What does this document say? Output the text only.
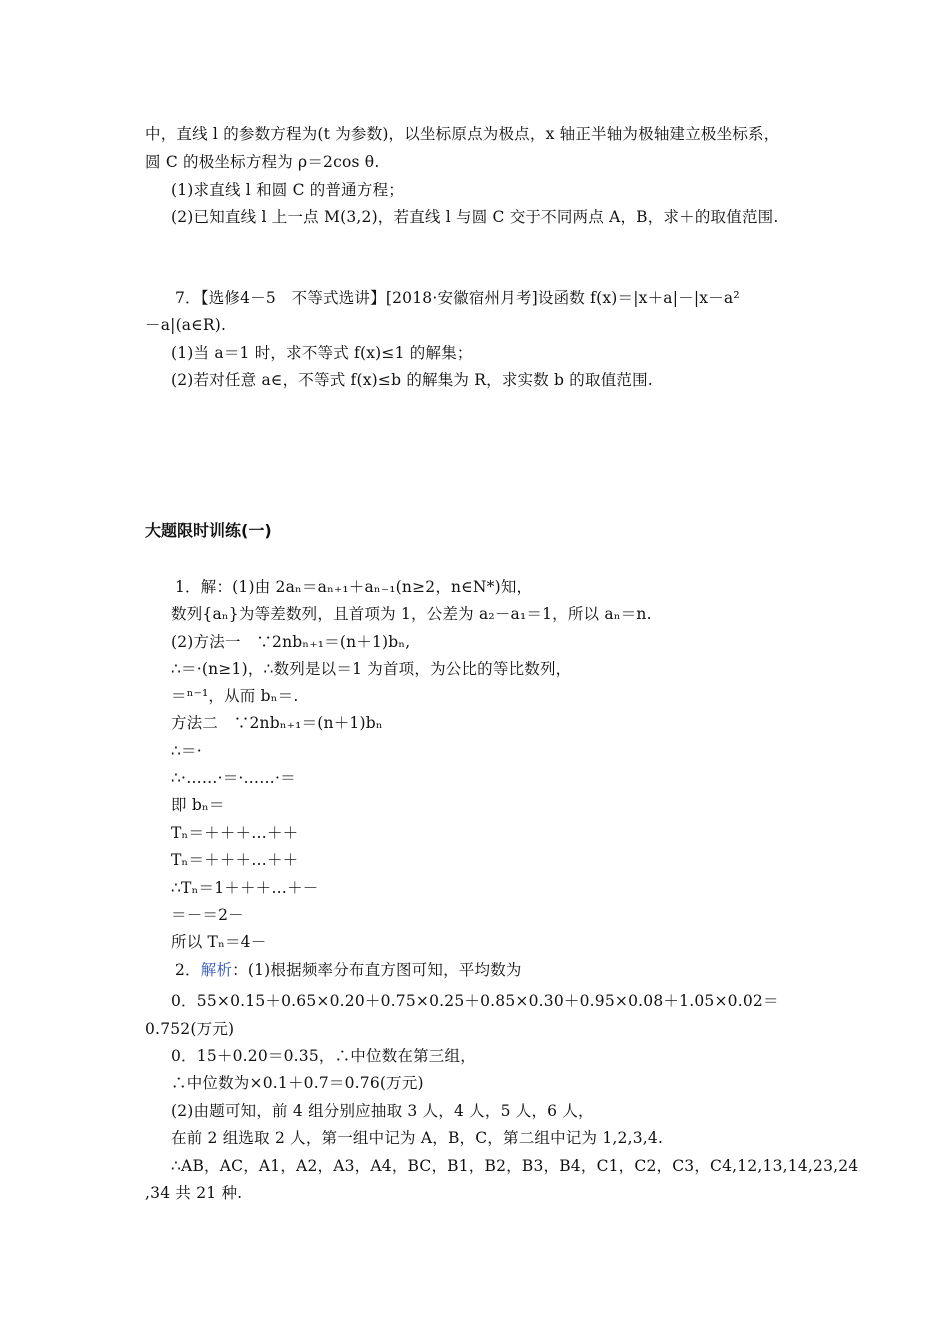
中，直线 l 的参数方程为(t 为参数)，以坐标原点为极点，x 轴正半轴为极轴建立极坐标系，
圆 C 的极坐标方程为 ρ＝2cos θ.
(1)求直线 l 和圆 C 的普通方程；
(2)已知直线 l 上一点 M(3,2)，若直线 l 与圆 C 交于不同两点 A，B，求＋的取值范围.
7．【选修4－5　不等式选讲】[2018·安徽宿州月考]设函数 f(x)＝|x＋a|－|x－a²
－a|(a∈R).
(1)当 a＝1 时，求不等式 f(x)≤1 的解集；
(2)若对任意 a∈，不等式 f(x)≤b 的解集为 R，求实数 b 的取值范围.
大题限时训练(一)
1．解：(1)由 2aₙ＝aₙ₊₁＋aₙ₋₁(n≥2，n∈N*)知，
数列{aₙ}为等差数列，且首项为 1，公差为 a₂－a₁＝1，所以 aₙ＝n.
(2)方法一　∵2nbₙ₊₁＝(n＋1)bₙ,
∴＝·(n≥1)，∴数列是以＝1 为首项，为公比的等比数列，
＝ⁿ⁻¹，从而 bₙ＝.
方法二　∵2nbₙ₊₁＝(n＋1)bₙ
∴＝·
∴·……·＝·……·＝
即 bₙ＝
Tₙ＝＋＋＋…＋＋
Tₙ＝＋＋＋…＋＋
∴Tₙ＝1＋＋＋…＋－
＝－＝2－
所以 Tₙ＝4－
2．解析：(1)根据频率分布直方图可知，平均数为
0．55×0.15＋0.65×0.20＋0.75×0.25＋0.85×0.30＋0.95×0.08＋1.05×0.02＝
0.752(万元)
0．15＋0.20＝0.35，∴中位数在第三组，
∴中位数为×0.1＋0.7＝0.76(万元)
(2)由题可知，前 4 组分别应抽取 3 人，4 人，5 人，6 人，
在前 2 组选取 2 人，第一组中记为 A，B，C，第二组中记为 1,2,3,4.
∴AB，AC，A1，A2，A3，A4，BC，B1，B2，B3，B4，C1，C2，C3，C4,12,13,14,23,24
,34 共 21 种.
